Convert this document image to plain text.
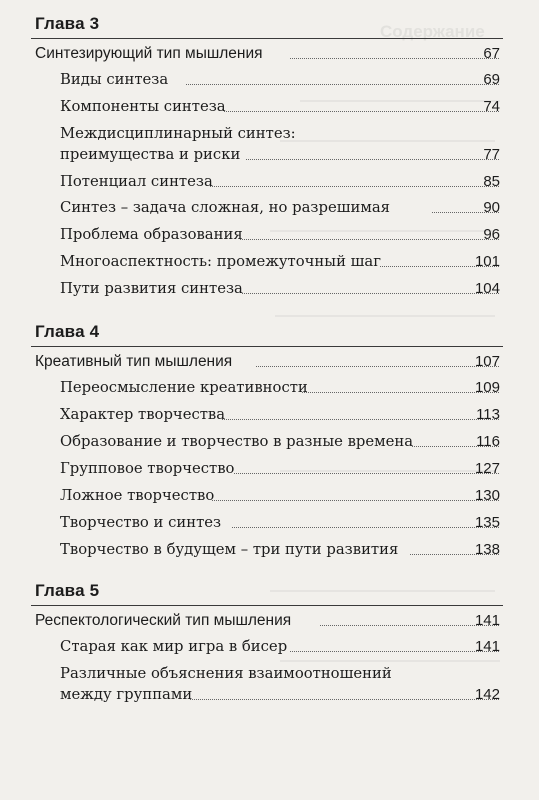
Содержание
Глава 3
Синтезирующий тип мышления	67
Виды синтеза	69
Компоненты синтеза	74
Междисциплинарный синтез:
преимущества и риски	77
Потенциал синтеза	85
Синтез – задача сложная, но разрешимая	90
Проблема образования	96
Многоаспектность: промежуточный шаг	101
Пути развития синтеза	104
Глава 4
Креативный тип мышления	107
Переосмысление креативности	109
Характер творчества	113
Образование и творчество в разные времена	116
Групповое творчество	127
Ложное творчество	130
Творчество и синтез	135
Творчество в будущем – три пути развития	138
Глава 5
Респектологический тип мышления	141
Старая как мир игра в бисер	141
Различные объяснения взаимоотношений
между группами	142
